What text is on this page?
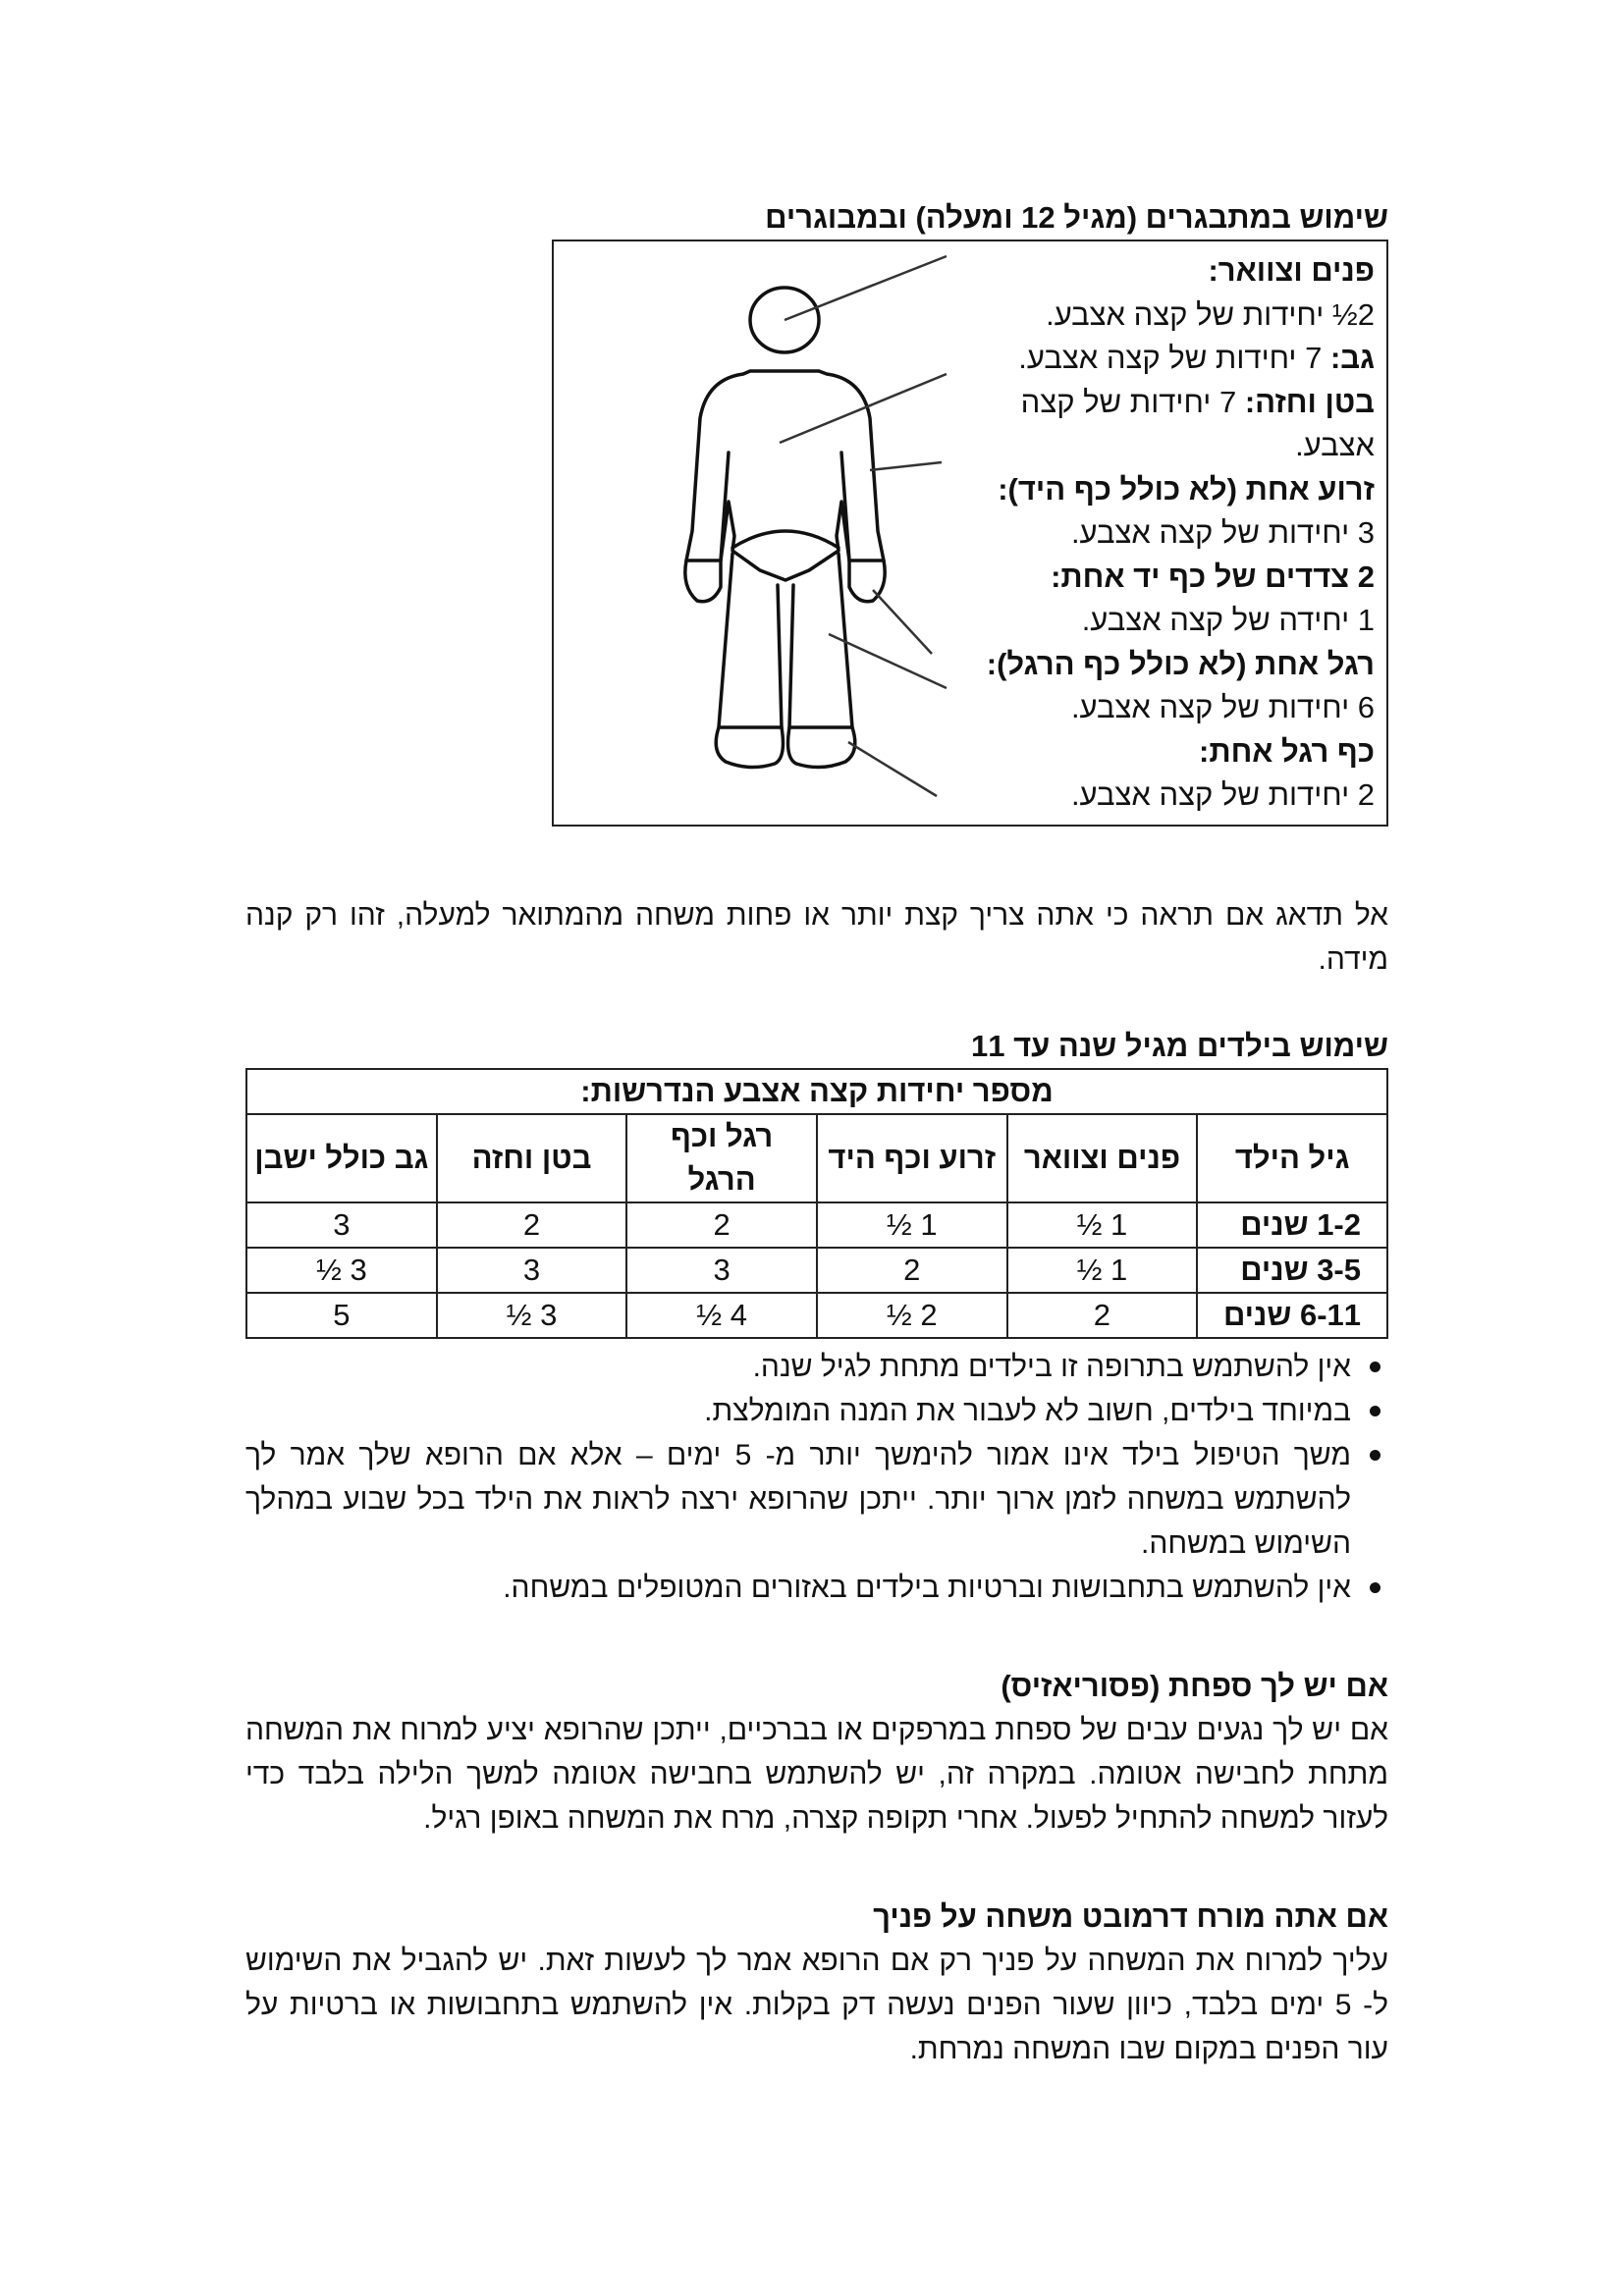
שימוש במתבגרים (מגיל 12 ומעלה) ובמבוגרים
פנים וצוואר:
2½ יחידות של קצה אצבע.
גב: 7 יחידות של קצה אצבע.
בטן וחזה: 7 יחידות של קצה אצבע.
זרוע אחת (לא כולל כף היד):
3 יחידות של קצה אצבע.
2 צדדים של כף יד אחת:
1 יחידה של קצה אצבע.
רגל אחת (לא כולל כף הרגל):
6 יחידות של קצה אצבע.
כף רגל אחת:
2 יחידות של קצה אצבע.
אל תדאג אם תראה כי אתה צריך קצת יותר או פחות משחה מהמתואר למעלה, זהו רק קנה מידה.
שימוש בילדים מגיל שנה עד 11
מספר יחידות קצה אצבע הנדרשות:					
גיל הילד	פנים וצוואר	זרוע וכף היד	רגל וכף הרגל	בטן וחזה	גב כולל ישבן
1-2 שנים	1 ½	1 ½	2	2	3
3-5 שנים	1 ½	2	3	3	3 ½
6-11 שנים	2	2 ½	4 ½	3 ½	5
אין להשתמש בתרופה זו בילדים מתחת לגיל שנה.
במיוחד בילדים, חשוב לא לעבור את המנה המומלצת.
משך הטיפול בילד אינו אמור להימשך יותר מ- 5 ימים – אלא אם הרופא שלך אמר לך להשתמש במשחה לזמן ארוך יותר. ייתכן שהרופא ירצה לראות את הילד בכל שבוע במהלך השימוש במשחה.
אין להשתמש בתחבושות וברטיות בילדים באזורים המטופלים במשחה.
אם יש לך ספחת (פסוריאזיס)
אם יש לך נגעים עבים של ספחת במרפקים או בברכיים, ייתכן שהרופא יציע למרוח את המשחה מתחת לחבישה אטומה. במקרה זה, יש להשתמש בחבישה אטומה למשך הלילה בלבד כדי לעזור למשחה להתחיל לפעול. אחרי תקופה קצרה, מרח את המשחה באופן רגיל.
אם אתה מורח דרמובט משחה על פניך
עליך למרוח את המשחה על פניך רק אם הרופא אמר לך לעשות זאת. יש להגביל את השימוש ל- 5 ימים בלבד, כיוון שעור הפנים נעשה דק בקלות. אין להשתמש בתחבושות או ברטיות על עור הפנים במקום שבו המשחה נמרחת.
